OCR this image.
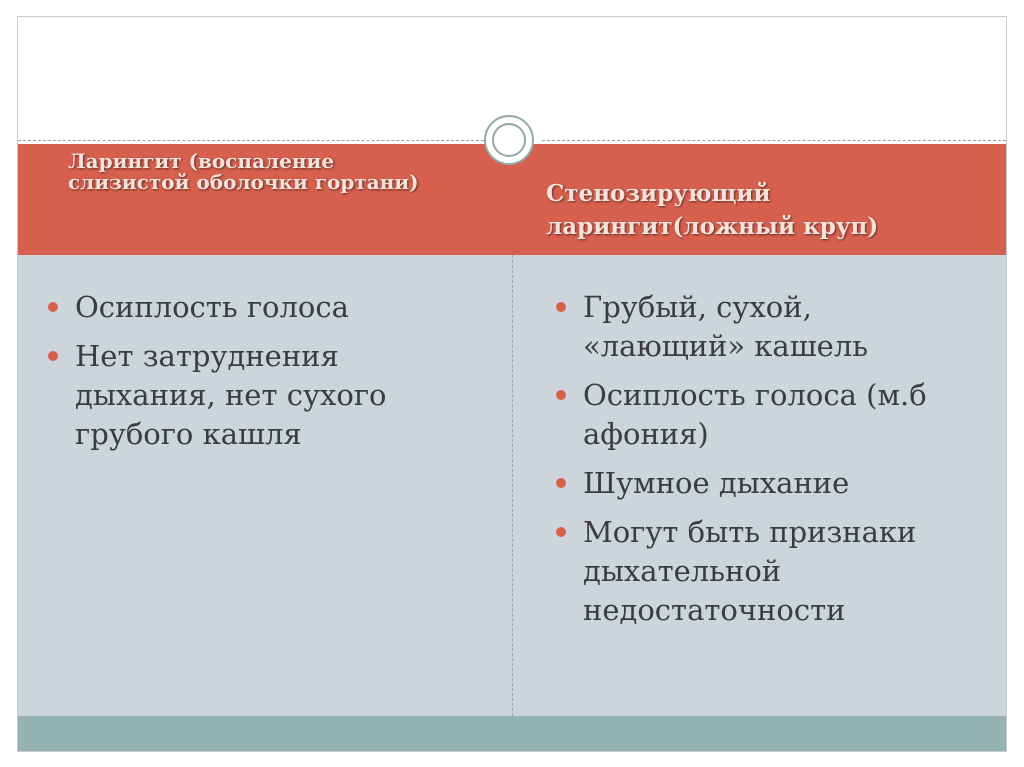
Ларингит (воспаление слизистой оболочки гортани)	Стенозирующий ларингит(ложный круп)

Осиплость голоса
Нет затруднения дыхания, нет сухого грубого кашля
Грубый, сухой, «лающий» кашель
Осиплость голоса (м.б афония)
Шумное дыхание
Могут быть признаки дыхательной недостаточности
